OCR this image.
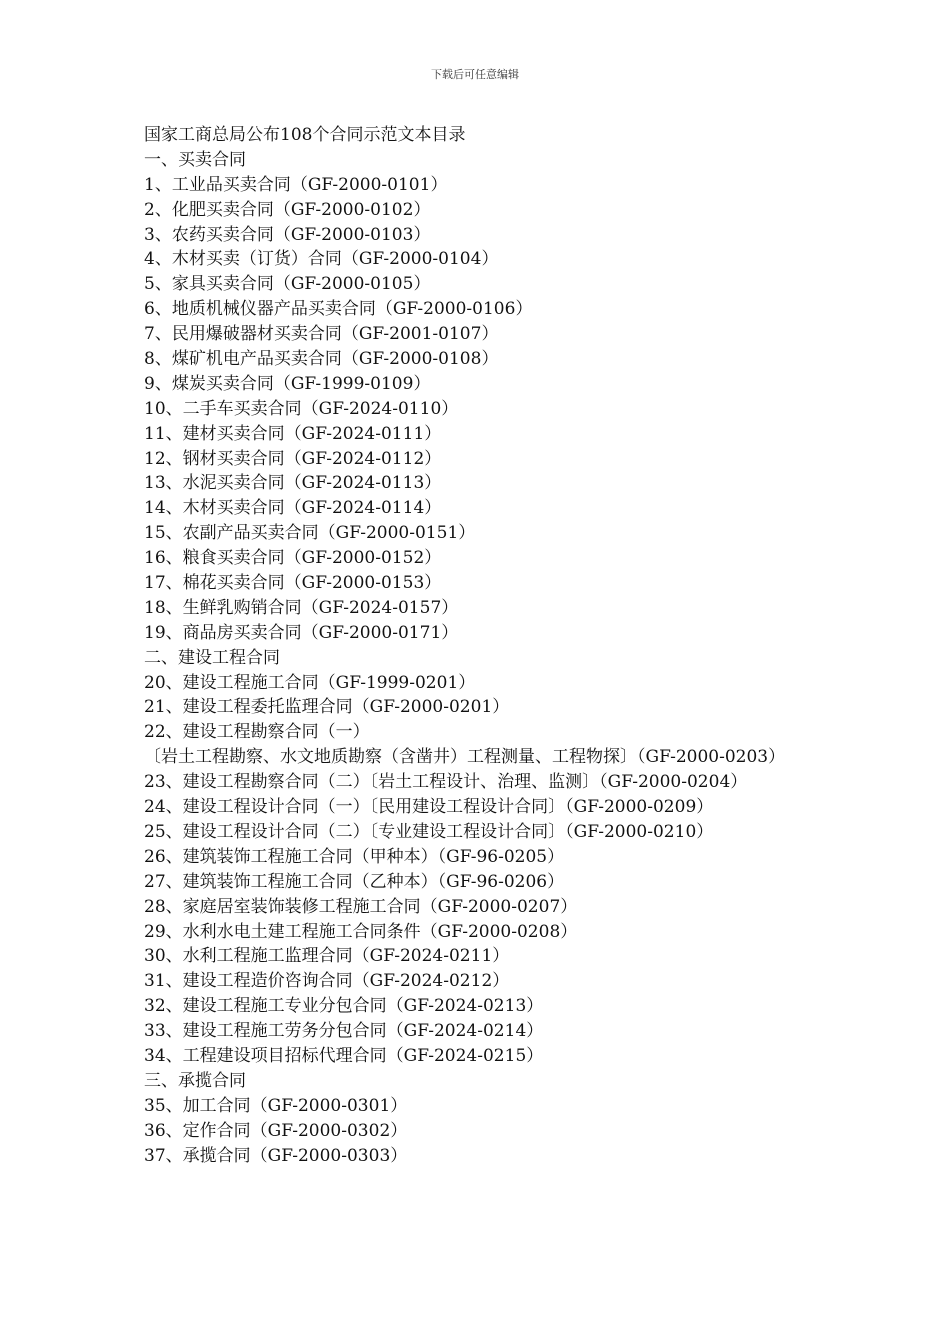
下载后可任意编辑
国家工商总局公布108个合同示范文本目录
一、买卖合同
1、工业品买卖合同（GF-2000-0101）
2、化肥买卖合同（GF-2000-0102）
3、农药买卖合同（GF-2000-0103）
4、木材买卖（订货）合同（GF-2000-0104）
5、家具买卖合同（GF-2000-0105）
6、地质机械仪器产品买卖合同（GF-2000-0106）
7、民用爆破器材买卖合同（GF-2001-0107）
8、煤矿机电产品买卖合同（GF-2000-0108）
9、煤炭买卖合同（GF-1999-0109）
10、二手车买卖合同（GF-2024-0110）
11、建材买卖合同（GF-2024-0111）
12、钢材买卖合同（GF-2024-0112）
13、水泥买卖合同（GF-2024-0113）
14、木材买卖合同（GF-2024-0114）
15、农副产品买卖合同（GF-2000-0151）
16、粮食买卖合同（GF-2000-0152）
17、棉花买卖合同（GF-2000-0153）
18、生鲜乳购销合同（GF-2024-0157）
19、商品房买卖合同（GF-2000-0171）
二、建设工程合同
20、建设工程施工合同（GF-1999-0201）
21、建设工程委托监理合同（GF-2000-0201）
22、建设工程勘察合同（一）
〔岩土工程勘察、水文地质勘察（含凿井）工程测量、工程物探〕（GF-2000-0203）
23、建设工程勘察合同（二）〔岩土工程设计、治理、监测〕（GF-2000-0204）
24、建设工程设计合同（一）〔民用建设工程设计合同〕（GF-2000-0209）
25、建设工程设计合同（二）〔专业建设工程设计合同〕（GF-2000-0210）
26、建筑装饰工程施工合同（甲种本）（GF-96-0205）
27、建筑装饰工程施工合同（乙种本）（GF-96-0206）
28、家庭居室装饰装修工程施工合同（GF-2000-0207）
29、水利水电土建工程施工合同条件（GF-2000-0208）
30、水利工程施工监理合同（GF-2024-0211）
31、建设工程造价咨询合同（GF-2024-0212）
32、建设工程施工专业分包合同（GF-2024-0213）
33、建设工程施工劳务分包合同（GF-2024-0214）
34、工程建设项目招标代理合同（GF-2024-0215）
三、承揽合同
35、加工合同（GF-2000-0301）
36、定作合同（GF-2000-0302）
37、承揽合同（GF-2000-0303）
